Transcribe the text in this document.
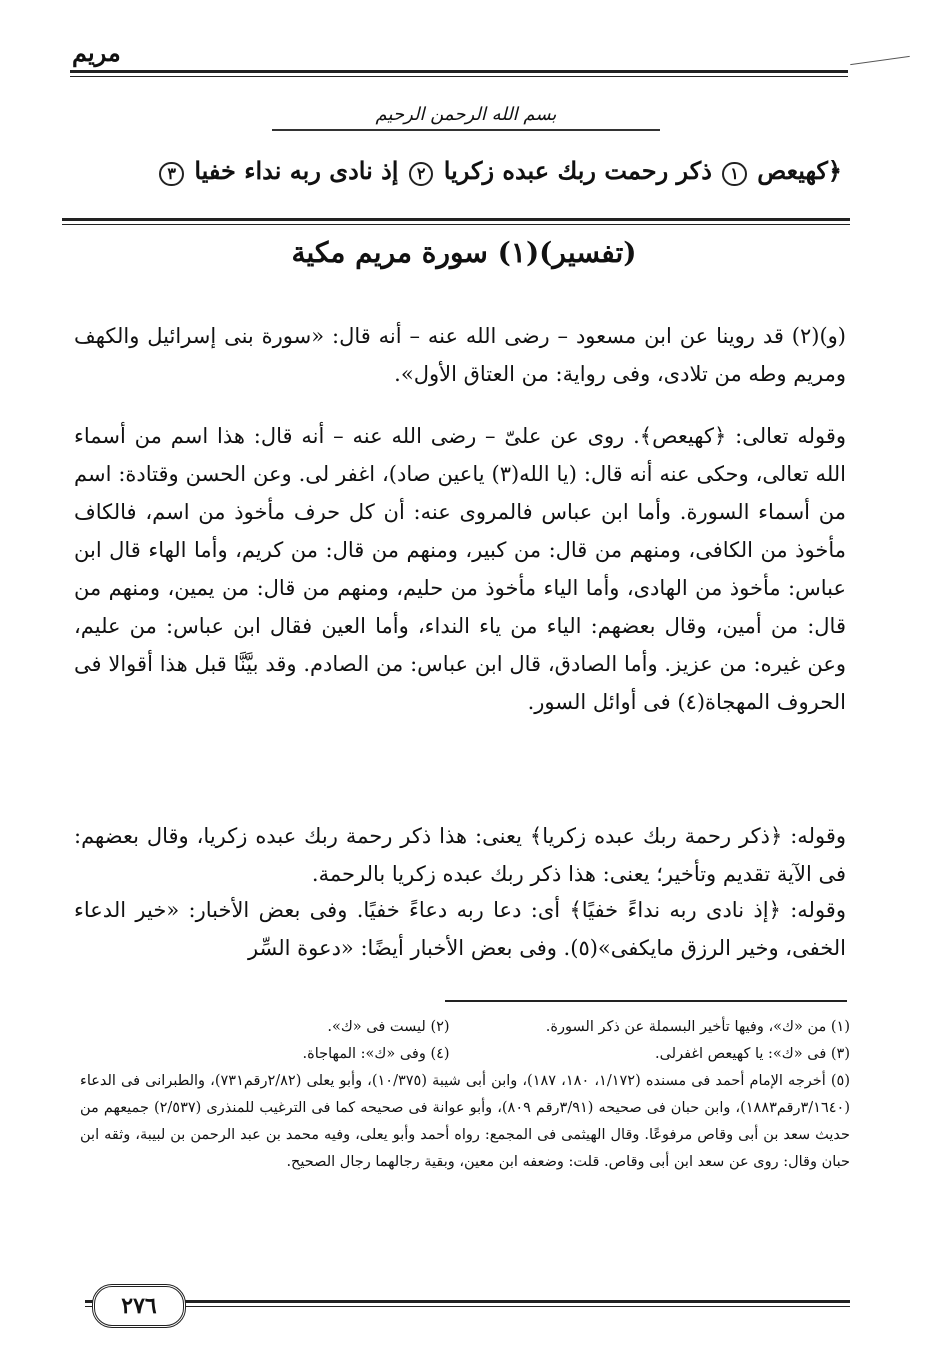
مريم
بسم الله الرحمن الرحيم
﴿كهيعص ١ ذكر رحمت ربك عبده زكريا ٢ إذ نادى ربه نداء خفيا ٣
(تفسير)(١) سورة مريم مكية

(و)(٢) قد روينا عن ابن مسعود – رضى الله عنه – أنه قال: «سورة بنى إسرائيل والكهف ومريم وطه من تلادى، وفى رواية: من العتاق الأول».

وقوله تعالى: ﴿كهيعص﴾. روى عن علىّ – رضى الله عنه – أنه قال: هذا اسم من أسماء الله تعالى، وحكى عنه أنه قال: (يا الله(٣) ياعين صاد)، اغفر لى. وعن الحسن وقتادة: اسم من أسماء السورة. وأما ابن عباس فالمروى عنه: أن كل حرف مأخوذ من اسم، فالكاف مأخوذ من الكافى، ومنهم من قال: من كبير، ومنهم من قال: من كريم، وأما الهاء قال ابن عباس: مأخوذ من الهادى، وأما الياء مأخوذ من حليم، ومنهم من قال: من يمين، ومنهم من قال: من أمين، وقال بعضهم: الياء من ياء النداء، وأما العين فقال ابن عباس: من عليم، وعن غيره: من عزيز. وأما الصادق، قال ابن عباس: من الصادم. وقد بيَّنَّا قبل هذا أقوالا فى الحروف المهجاة(٤) فى أوائل السور.

وقوله: ﴿ذكر رحمة ربك عبده زكريا﴾ يعنى: هذا ذكر رحمة ربك عبده زكريا، وقال بعضهم: فى الآية تقديم وتأخير؛ يعنى: هذا ذكر ربك عبده زكريا بالرحمة.

وقوله: ﴿إذ نادى ربه نداءً خفيًا﴾ أى: دعا ربه دعاءً خفيًا. وفى بعض الأخبار: «خير الدعاء الخفى، وخير الرزق مايكفى»(٥). وفى بعض الأخبار أيضًا: «دعوة السِّر

(١) من «ك»، وفيها تأخير البسملة عن ذكر السورة.
(٢) ليست فى «ك».
(٣) فى «ك»: يا كهيعص اغفرلى.
(٤) وفى «ك»: المهاجاة.
(٥) أخرجه الإمام أحمد فى مسنده (١/١٧٢، ١٨٠، ١٨٧)، وابن أبى شيبة (١٠/٣٧٥)، وأبو يعلى (٢/٨٢رقم٧٣١)، والطبرانى فى الدعاء (٣/١٦٤٠رقم١٨٨٣)، وابن حبان فى صحيحه (٣/٩١رقم ٨٠٩)، وأبو عوانة فى صحيحه كما فى الترغيب للمنذرى (٢/٥٣٧) جميعهم من حديث سعد بن أبى وقاص مرفوعًا. وقال الهيثمى فى المجمع: رواه أحمد وأبو يعلى، وفيه محمد بن عبد الرحمن بن لبيبة، وثقه ابن حبان وقال: روى عن سعد ابن أبى وقاص. قلت: وضعفه ابن معين، وبقية رجالهما رجال الصحيح.
٢٧٦
